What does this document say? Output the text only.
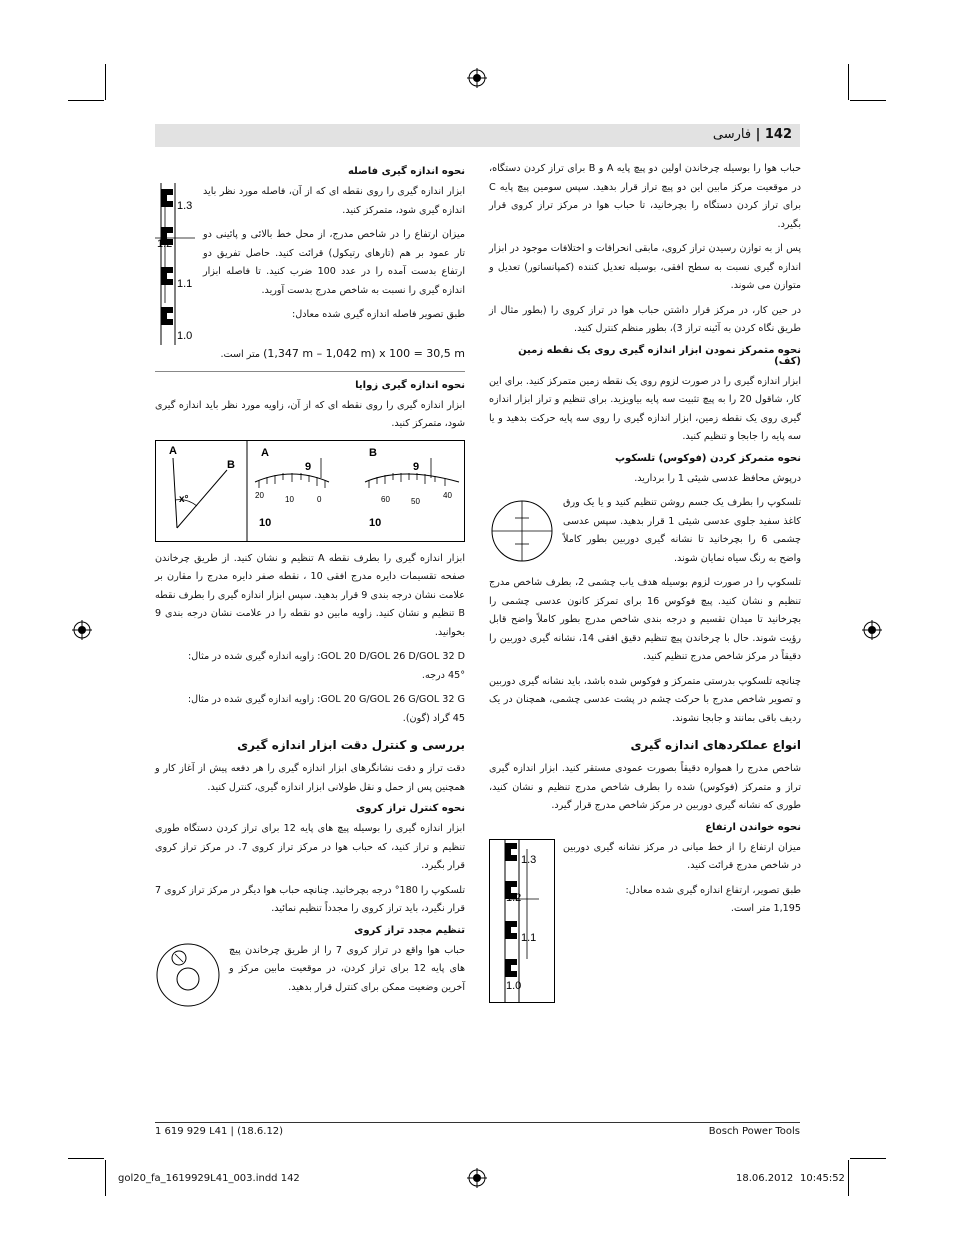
142 | فارسی

حباب هوا را بوسیله چرخاندن اولین دو پیچ پایه A و B برای تراز کردن دستگاه، در موقعیت مرکز مابین این دو پیچ تراز قرار بدهید. سپس سومین پیچ پایه C برای تراز کردن دستگاه را بچرخانید، تا حباب هوا در مرکز تراز کروی قرار بگیرد.

پس از به توازن رسیدن تراز کروی، مابقی انحرافات و اختلافات موجود در ابزار اندازه گیری نسبت به سطح افقی، بوسیله تعدیل کننده (کمپانساتور) تعدیل و متوازن می شوند.

در حین کار، در مرکز قرار داشتن حباب هوا در تراز کروی را (بطور مثال از طریق نگاه کردن به آئینه تراز 3)، بطور منظم کنترل کنید.

نحوه متمرکز نمودن ابزار اندازه گیری روی یک نقطه زمین (کف)

ابزار اندازه گیری را در صورت لزوم روی یک نقطه زمین متمرکز کنید. برای این کار، شاقول 20 را به پیچ تثبیت سه پایه بیاویزید. برای تنظیم و تراز ابزار اندازه گیری روی یک نقطه زمین، ابزار اندازه گیری را روی سه پایه حرکت بدهید و یا سه پایه را جابجا و تنظیم کنید.

نحوه متمرکز کردن (فوکوس) تلسکوپ

درپوش محافظ عدسی شیئی 1 را بردارید.

تلسکوپ را بطرف یک جسم روشن تنظیم کنید و یا یک ورق کاغذ سفید جلوی عدسی شیئی 1 قرار بدهید. سپس عدسی چشمی 6 را بچرخانید تا نشانه گیری دوربین بطور کاملاً واضح به رنگ سیاه نمایان شوند.

تلسکوپ را در صورت لزوم بوسیله هدف یاب چشمی 2، بطرف شاخص مدرج تنظیم و نشان کنید. پیچ فوکوس 16 برای تمرکز کانون عدسی چشمی را بچرخانید تا میدان تقسیم و درجه بندی شاخص مدرج بطور کاملاً واضح قابل رؤیت شوند. حال با چرخاندن پیچ تنظیم دقیق افقی 14، نشانه گیری دوربین را دقیقاً در مرکز شاخص مدرج تنظیم کنید.

چنانچه تلسکوپ بدرستی متمرکز و فوکوس شده باشد، باید نشانه گیری دوربین و تصویر شاخص مدرج با حرکت چشم در پشت عدسی چشمی، همچنان در یک ردیف باقی بمانند و جابجا نشوند.

انواع عملکردهای اندازه گیری

شاخص مدرج را همواره دقیقاً بصورت عمودی مستقر کنید. ابزار اندازه گیری تراز و متمرکز (فوکوس) شده را بطرف شاخص مدرج تنظیم و نشان کنید، طوری که نشانه گیری دوربین در مرکز شاخص مدرج قرار گیرد.

نحوه خواندن ارتفاع

میزان ارتفاع را از خط میانی در مرکز نشانه گیری دوربین در شاخص مدرج قرائت کنید.

طبق تصویر، ارتفاع اندازه گیری شده معادل:

1,195 متر است.

1.3
1.2
1.1
1.0
نحوه اندازه گیری فاصله

ابزار اندازه گیری را روی نقطه ای که از آن، فاصله مورد نظر باید اندازه گیری شود، متمرکز کنید.

میزان ارتفاع را در شاخص مدرج، از محل خط بالائی و پائینی دو تار عمود بر هم (تارهای رتیکول) قرائت کنید. حاصل تفریق دو ارتفاع بدست آمده را در عدد 100 ضرب کنید. تا فاصله ابزار اندازه گیری را نسبت به شاخص مدرج بدست آورید.

طبق تصویر فاصله اندازه گیری شده معادل:

1.3
1.2
1.1
1.0

(1,347 m – 1,042 m) x 100 = 30,5 m متر است.

نحوه اندازه گیری زوایا

ابزار اندازه گیری را روی نقطه ای که از آن، زاویه مورد نظر باید اندازه گیری شود، متمرکز کنید.

A
B
x°
A
9
20	10	0
10
B
9
60	50
40
10

ابزار اندازه گیری را بطرف نقطه A تنظیم و نشان کنید. از طریق چرخاندن صفحه تقسیمات دایره مدرج افقی 10 ، نقطه صفر دایره مدرج را مقارن بر علامت نشان درجه بندی 9 قرار بدهید. سپس ابزار اندازه گیری را بطرف نقطه B تنظیم و نشان کنید. زاویه مابین دو نقطه را در علامت نشان درجه بندی 9 بخوانید.

GOL 20 D/GOL 26 D/GOL 32 D: زاویه اندازه گیری شده در مثال:

45° درجه.

GOL 20 G/GOL 26 G/GOL 32 G: زاویه اندازه گیری شده در مثال:

45 گراد (گون).

بررسی و کنترل دقت ابزار اندازه گیری

دقت تراز و دقت نشانگرهای ابزار اندازه گیری را هر دفعه پیش از آغاز کار و همچنین پس از حمل و نقل طولانی ابزار اندازه گیری، کنترل کنید.

نحوه کنترل تراز کروی

ابزار اندازه گیری را بوسیله پیچ های پایه 12 برای تراز کردن دستگاه طوری تنظیم و تراز کنید، که حباب هوا در مرکز تراز کروی 7. در مرکز تراز کروی قرار بگیرد.

تلسکوپ را 180° درجه بچرخانید. چنانچه حباب هوا دیگر در مرکز تراز کروی 7 قرار نگیرد، باید تراز کروی را مجدداً تنظیم نمائید.

تنظیم مجدد تراز کروی

حباب هوا واقع در تراز کروی 7 را از طریق چرخاندن پیچ های پایه 12 برای تراز کردن، در موقعیت مابین مرکز و آخرین وضعیت ممکن برای کنترل قرار بدهید.

1 619 929 L41 | (18.6.12)	Bosch Power Tools
gol20_fa_1619929L41_003.indd 142	18.06.2012 10:45:52
